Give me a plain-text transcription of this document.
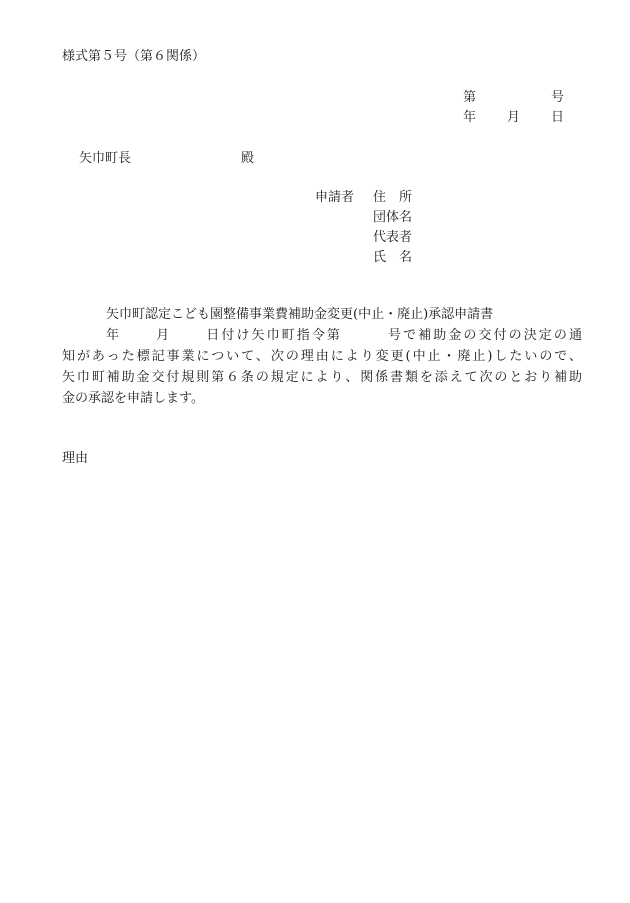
様式第５号（第６関係）
第	号
年 月 日
矢巾町長	殿
申請者 住　所
団体名
代表者
氏　名

矢巾町認定こども園整備事業費補助金変更(中止・廃止)承認申請書

年	月	日付け矢巾町指令第	号で補助金の交付の決定の通

知があった標記事業について、次の理由により変更(中止・廃止)したいので、

矢巾町補助金交付規則第６条の規定により、関係書類を添えて次のとおり補助

金の承認を申請します。

理由
